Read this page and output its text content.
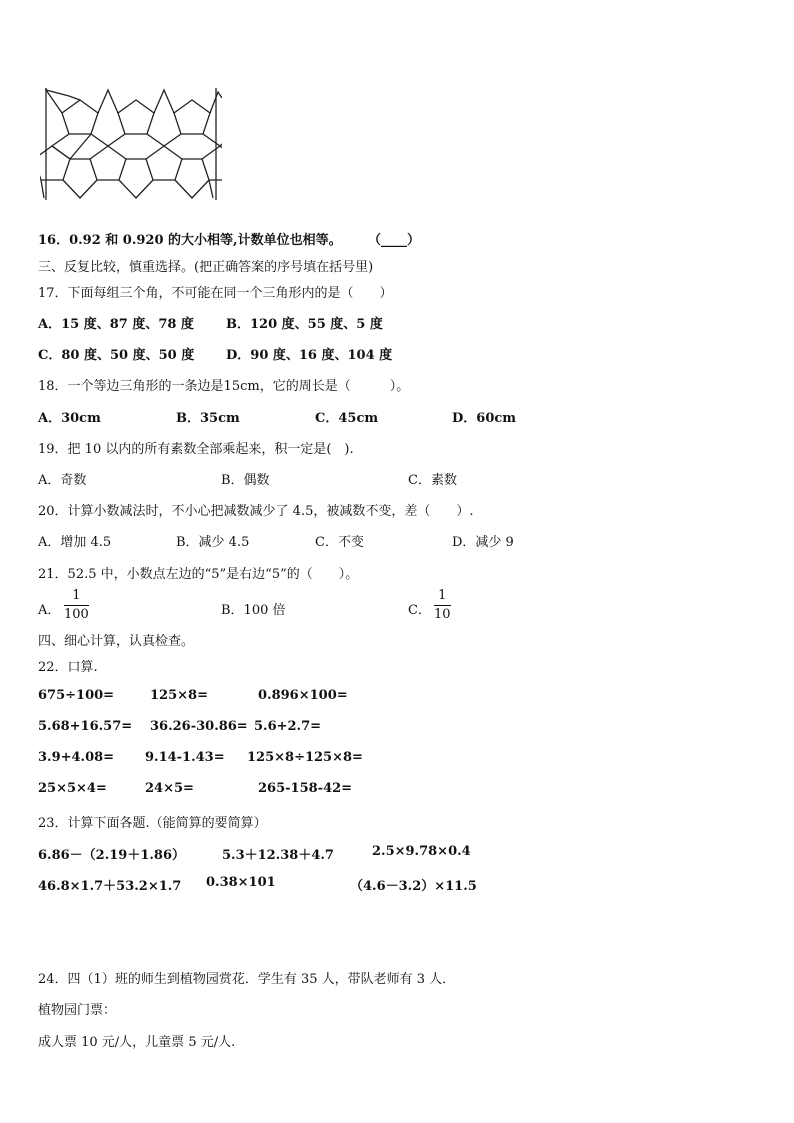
16．0.92 和 0.920 的大小相等,计数单位也相等。 （____）
三、反复比较，慎重选择。(把正确答案的序号填在括号里)
17．下面每组三个角，不可能在同一个三角形内的是（　　）
A．15 度、87 度、78 度 B．120 度、55 度、5 度
C．80 度、50 度、50 度 D．90 度、16 度、104 度
18．一个等边三角形的一条边是15cm，它的周长是（　　　）。
A．30cm	B．35cm	C．45cm	D．60cm
19．把 10 以内的所有素数全部乘起来，积一定是(　).
A．奇数	B．偶数	C．素数
20．计算小数减法时，不小心把减数减少了 4.5，被减数不变，差（　　）.
A．增加 4.5	B．减少 4.5	C．不变	D．减少 9
21．52.5 中，小数点左边的“5”是右边“5”的（　　）。
A．
1
100	B．100 倍	C．
1
10
四、细心计算，认真检查。
22．口算.
675÷100=	125×8=	0.896×100=
5.68+16.57= 36.26-30.86= 5.6+2.7=
3.9+4.08= 9.14-1.43= 125×8÷125×8=
25×5×4=	24×5=	265-158-42=
23．计算下面各题.（能简算的要简算）
6.86－（2.19＋1.86）	5.3＋12.38＋4.7	2.5×9.78×0.4
46.8×1.7＋53.2×1.7 0.38×101	（4.6－3.2）×11.5
24．四（1）班的师生到植物园赏花．学生有 35 人，带队老师有 3 人．
植物园门票：
成人票 10 元/人，儿童票 5 元/人.
